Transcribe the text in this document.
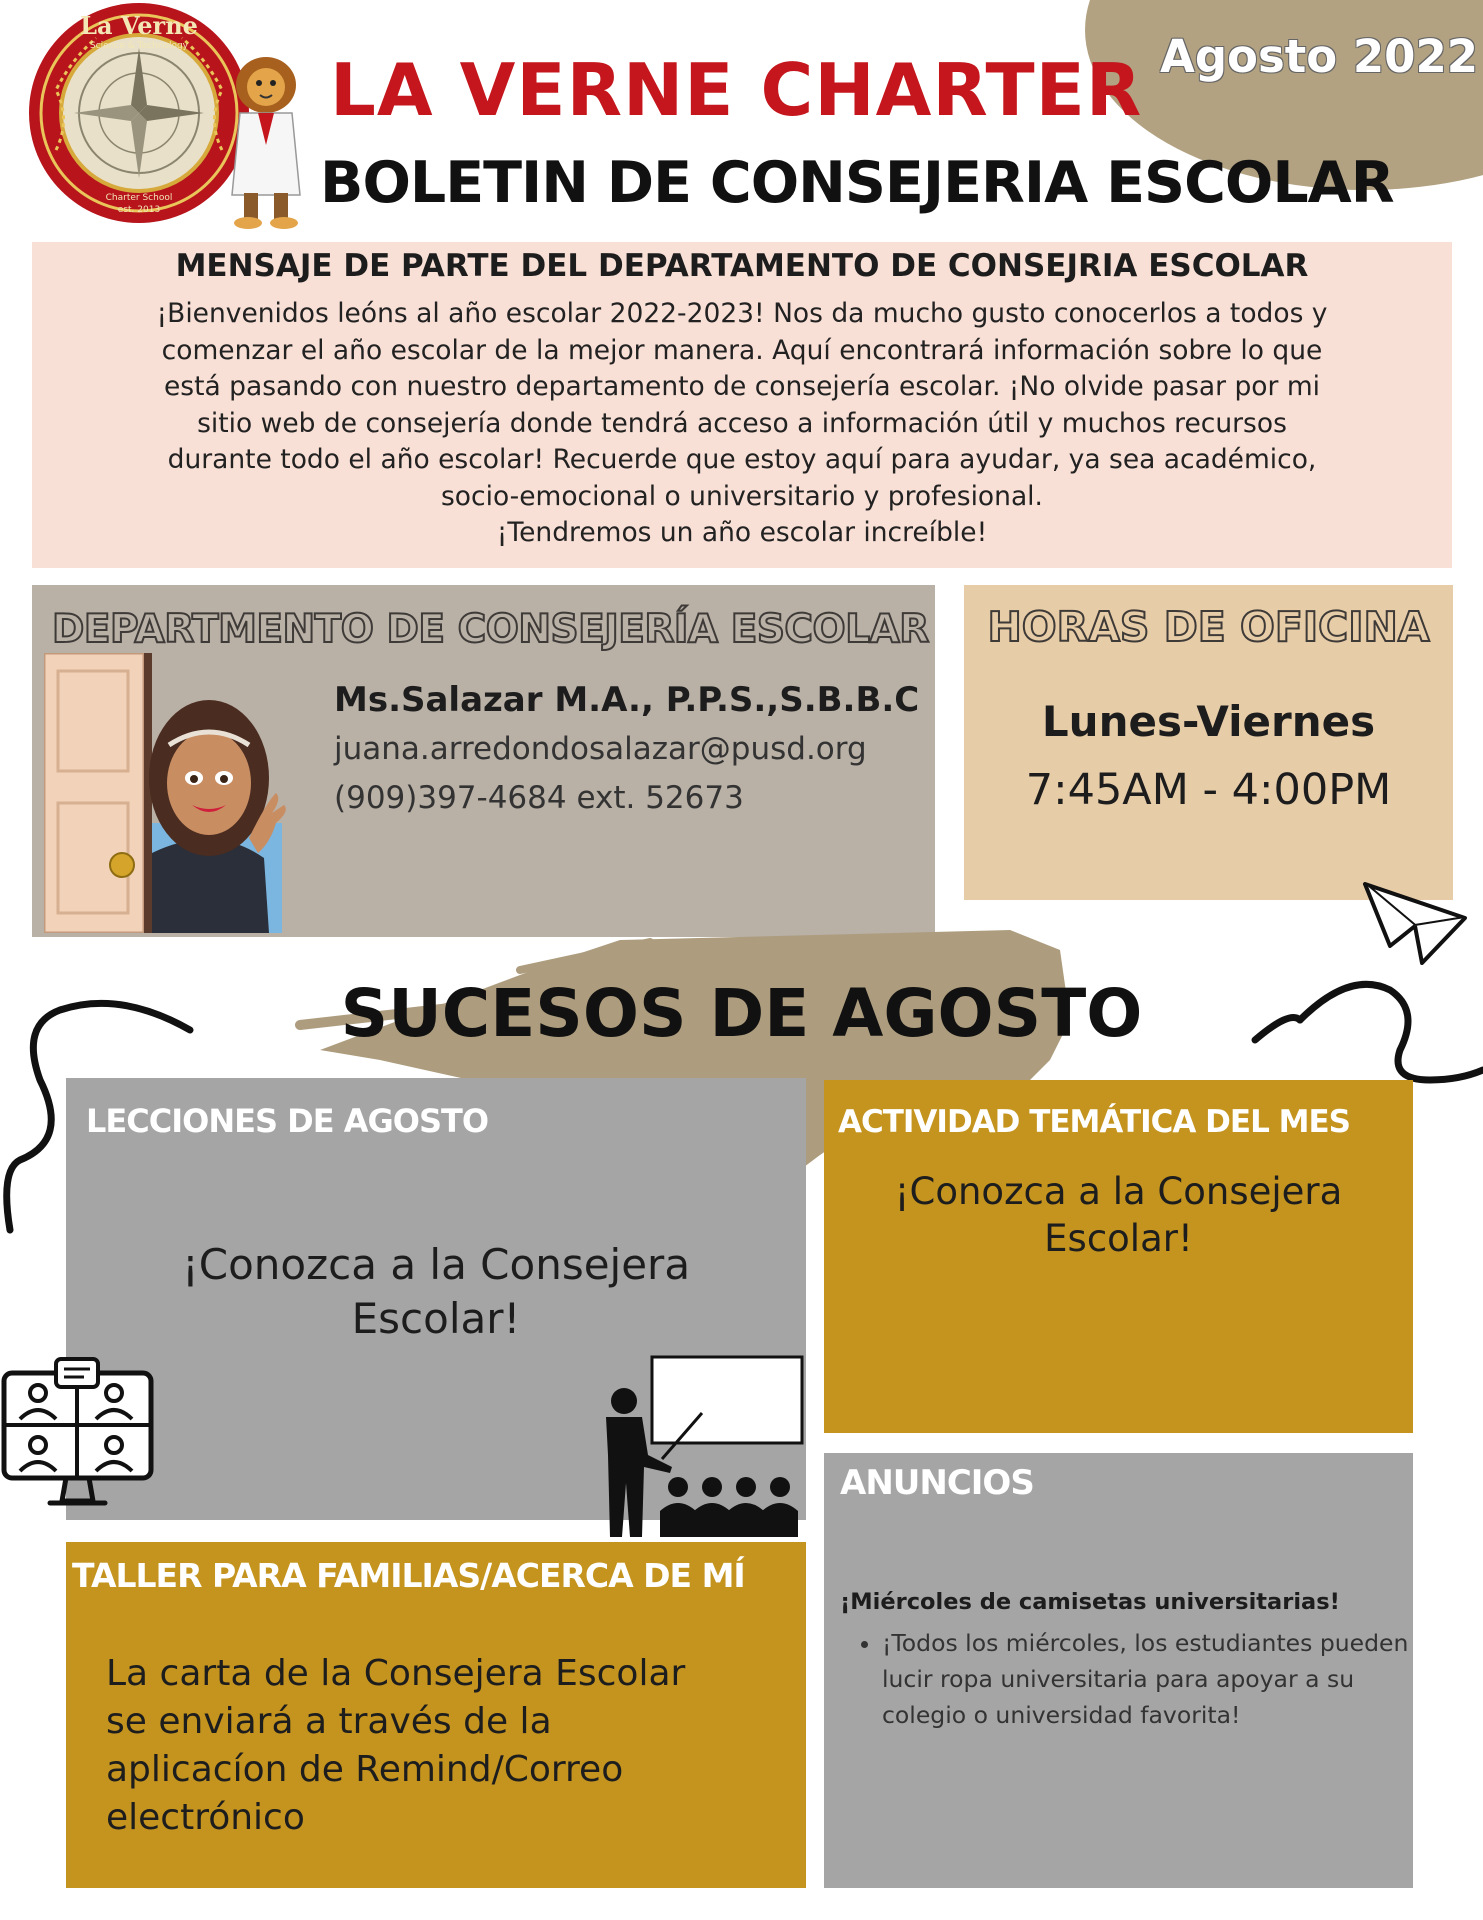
Agosto 2022
La Verne
Science & Technology
Charter School
est. 2013
LA VERNE CHARTER
BOLETIN DE CONSEJERIA ESCOLAR
MENSAJE DE PARTE DEL DEPARTAMENTO DE CONSEJRIA ESCOLAR
¡Bienvenidos leóns al año escolar 2022-2023! Nos da mucho gusto conocerlos a todos y
comenzar el año escolar de la mejor manera. Aquí encontrará información sobre lo que
está pasando con nuestro departamento de consejería escolar. ¡No olvide pasar por mi
sitio web de consejería donde tendrá acceso a información útil y muchos recursos
durante todo el año escolar! Recuerde que estoy aquí para ayudar, ya sea académico,
socio-emocional o universitario y profesional.
¡Tendremos un año escolar increíble!
DEPARTMENTO DE CONSEJERÍA ESCOLAR
Ms.Salazar M.A., P.P.S.,S.B.B.C
juana.arredondosalazar@pusd.org
(909)397-4684 ext. 52673
HORAS DE OFICINA
Lunes-Viernes
7:45AM - 4:00PM
SUCESOS DE AGOSTO
LECCIONES DE AGOSTO
¡Conozca a la Consejera
Escolar!
ACTIVIDAD TEMÁTICA DEL MES
¡Conozca a la Consejera
Escolar!
TALLER PARA FAMILIAS/ACERCA DE MÍ
La carta de la Consejera Escolar
se enviará a través de la
aplicacíon de Remind/Correo
electrónico
ANUNCIOS
¡Miércoles de camisetas universitarias!
• ¡Todos los miércoles, los estudiantes pueden lucir ropa universitaria para apoyar a su colegio o universidad favorita!
